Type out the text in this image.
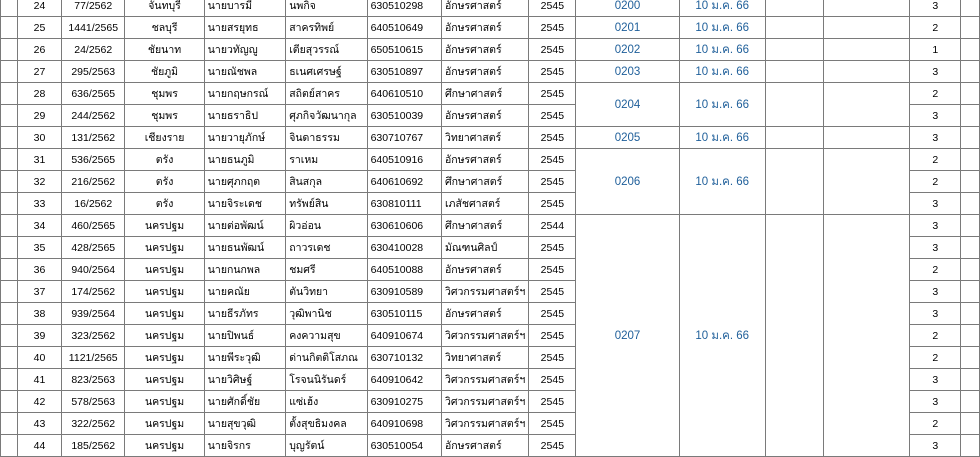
	24	77/2562	จันทบุรี	นายบารมี	นพกิจ	630510298	อักษรศาสตร์	2545	0200	10 ม.ค. 66			3	
	25	1441/2565	ชลบุรี	นายสรยุทธ	สาครทิพย์	640510649	อักษรศาสตร์	2545	0201	10 ม.ค. 66			2	
	26	24/2562	ชัยนาท	นายวทัญญู	เตียสุวรรณ์	650510615	อักษรศาสตร์	2545	0202	10 ม.ค. 66			1	
	27	295/2563	ชัยภูมิ	นายณัชพล	ธเนศเศรษฐ์	630510897	อักษรศาสตร์	2545	0203	10 ม.ค. 66			3	
	28	636/2565	ชุมพร	นายกฤษกรณ์	สถิตย์สาคร	640610510	ศึกษาศาสตร์	2545	0204	10 ม.ค. 66			2	
	29	244/2562	ชุมพร	นายธราธิป	ศุภกิจวัฒนากุล	630510039	อักษรศาสตร์	2545					3	
	30	131/2562	เชียงราย	นายวายุภักษ์	จินดาธรรม	630710767	วิทยาศาสตร์	2545	0205	10 ม.ค. 66			3	
	31	536/2565	ตรัง	นายธนภูมิ	ราเหม	640510916	อักษรศาสตร์	2545	0206	10 ม.ค. 66			2	
	32	216/2562	ตรัง	นายศุภกฤต	สินสกุล	640610692	ศึกษาศาสตร์	2545					2	
	33	16/2562	ตรัง	นายจิระเดช	ทรัพย์สิน	630810111	เภสัชศาสตร์	2545					3	
	34	460/2565	นครปฐม	นายต่อพัฒน์	ผิวอ่อน	630610606	ศึกษาศาสตร์	2544	0207	10 ม.ค. 66			3	
	35	428/2565	นครปฐม	นายธนพัฒน์	ถาวรเดช	630410028	มัณฑนศิลป์	2545					3	
	36	940/2564	นครปฐม	นายกนกพล	ชมศรี	640510088	อักษรศาสตร์	2545					2	
	37	174/2562	นครปฐม	นายคณัย	ตันวิทยา	630910589	วิศวกรรมศาสตร์ฯ	2545					3	
	38	939/2564	นครปฐม	นายธีรภัทร	วุฒิพานิช	630510115	อักษรศาสตร์	2545					3	
	39	323/2562	นครปฐม	นายปิพนธ์	คงความสุข	640910674	วิศวกรรมศาสตร์ฯ	2545					2	
	40	1121/2565	นครปฐม	นายพีระวุฒิ	ด่านกิตติโสภณ	630710132	วิทยาศาสตร์	2545					2	
	41	823/2563	นครปฐม	นายวิศิษฐ์	โรจนนิรันดร์	640910642	วิศวกรรมศาสตร์ฯ	2545					3	
	42	578/2563	นครปฐม	นายศักดิ์ชัย	แซ่เฮ้ง	630910275	วิศวกรรมศาสตร์ฯ	2545					3	
	43	322/2562	นครปฐม	นายสุขวุฒิ	ตั้งสุขธิมงคล	640910698	วิศวกรรมศาสตร์ฯ	2545					2	
	44	185/2562	นครปฐม	นายจิรกร	บุญรัตน์	630510054	อักษรศาสตร์	2545					3	
